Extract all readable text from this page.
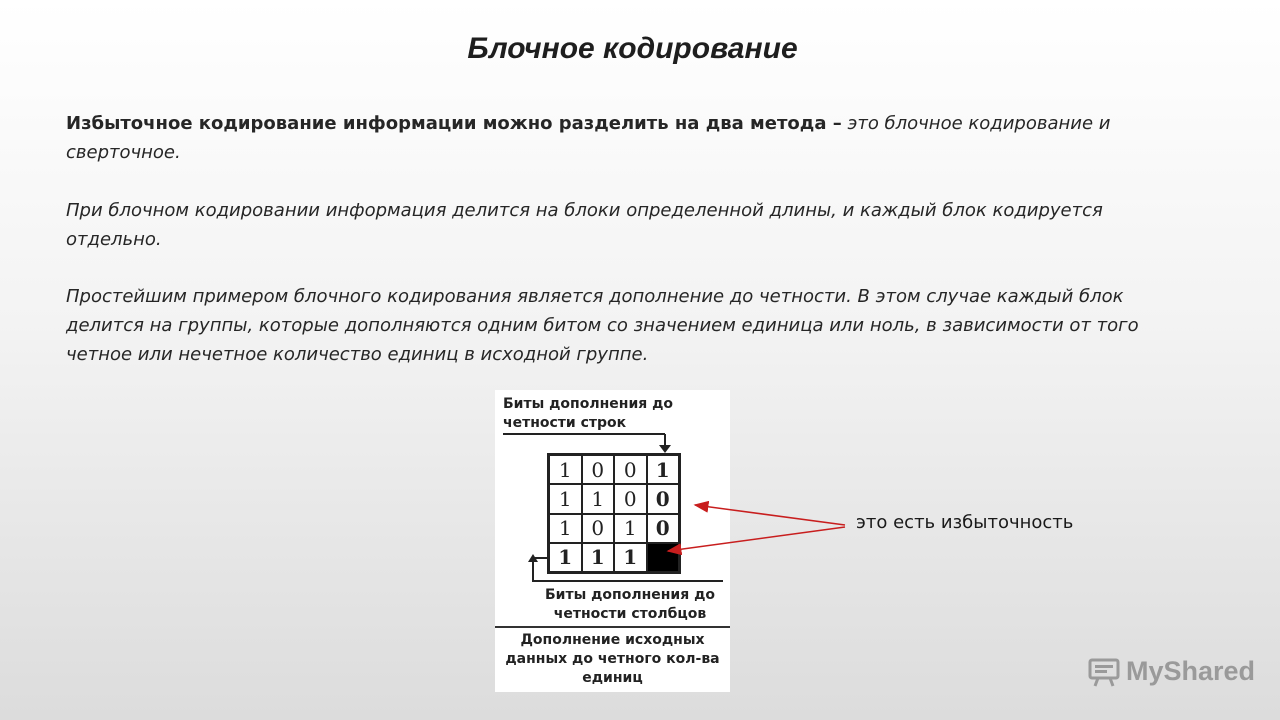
Блочное кодирование

Избыточное кодирование информации можно разделить на два метода – это блочное кодирование и сверточное.

При блочном кодировании информация делится на блоки определенной длины, и каждый блок кодируется отдельно.

Простейшим примером блочного кодирования является дополнение до четности. В этом случае каждый блок делится на группы, которые дополняются одним битом со значением единица или ноль, в зависимости от того четное или нечетное количество единиц в исходной группе.

Биты дополнения до четности строк
1 0 0 1
1 1 0 0
1 0 1 0
1 1 1
Биты дополнения до четности столбцов
Дополнение исходных данных до четного кол-ва единиц
это есть избыточность
MyShared
